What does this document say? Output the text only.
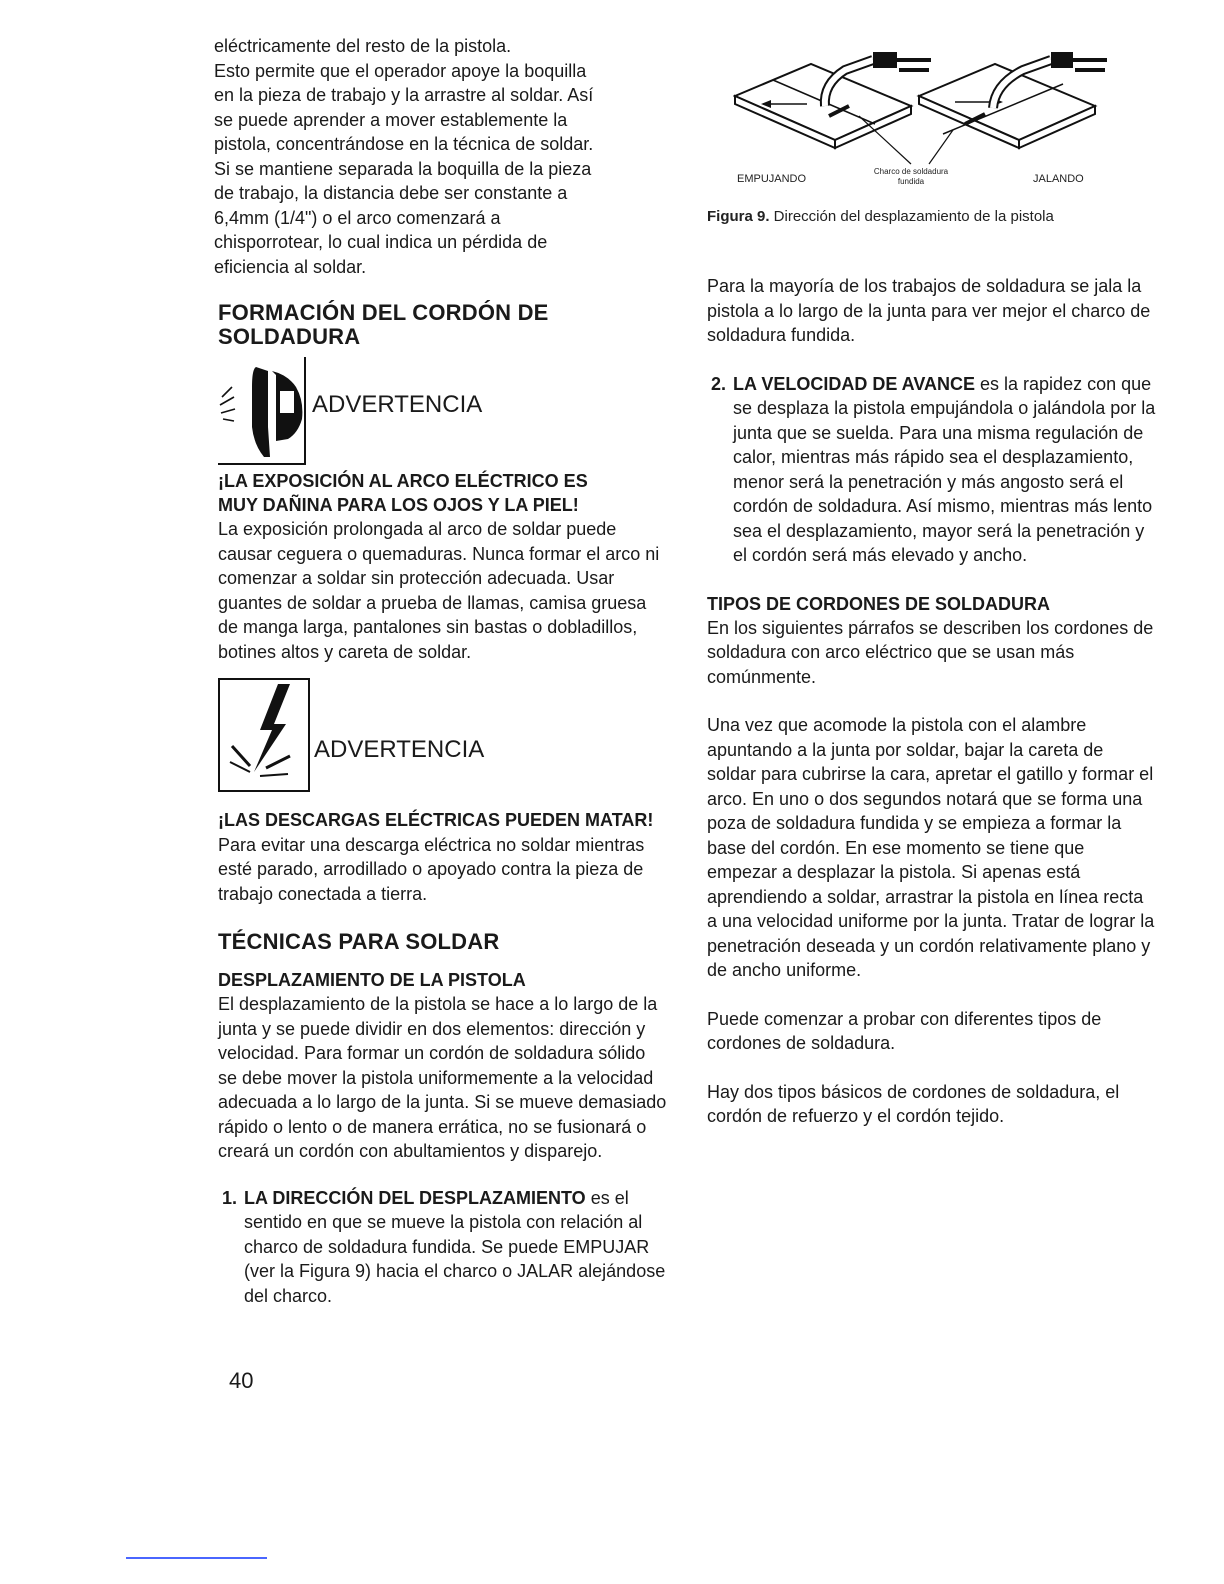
eléctricamente del resto de la pistola.

Esto permite que el operador apoye la boquilla

en la pieza de trabajo y la arrastre al soldar. Así

se puede aprender a mover establemente la

pistola, concentrándose en la técnica de soldar.

Si se mantiene separada la boquilla de la pieza

de trabajo, la distancia debe ser constante a

6,4mm (1/4") o el arco comenzará a

chisporrotear, lo cual indica un pérdida de

eficiencia al soldar.

FORMACIÓN DEL CORDÓN DE
SOLDADURA
ADVERTENCIA
¡LA EXPOSICIÓN AL ARCO ELÉCTRICO ES
MUY DAÑINA PARA LOS OJOS Y LA PIEL!

La exposición prolongada al arco de soldar puede causar ceguera o quemaduras. Nunca formar el arco ni comenzar a soldar sin protección adecuada. Usar guantes de soldar a prueba de llamas, camisa gruesa de manga larga, pantalones sin bastas o dobladillos, botines altos y careta de soldar.

ADVERTENCIA

¡LAS DESCARGAS ELÉCTRICAS PUEDEN MATAR! Para evitar una descarga eléctrica no soldar mientras esté parado, arrodillado o apoyado contra la pieza de trabajo conectada a tierra.

TÉCNICAS PARA SOLDAR
DESPLAZAMIENTO DE LA PISTOLA

El desplazamiento de la pistola se hace a lo largo de la junta y se puede dividir en dos elementos: dirección y velocidad. Para formar un cordón de soldadura sólido se debe mover la pistola uniformemente a la velocidad adecuada a lo largo de la junta. Si se mueve demasiado rápido o lento o de manera errática, no se fusionará o creará un cordón con abultamientos y disparejo.

1. LA DIRECCIÓN DEL DESPLAZAMIENTO es el sentido en que se mueve la pistola con relación al charco de soldadura fundida. Se puede EMPUJAR (ver la Figura 9) hacia el charco o JALAR alejándose del charco.

EMPUJANDO
Charco de soldadura
fundida	JALANDO
Figura 9. Dirección del desplazamiento de la pistola

Para la mayoría de los trabajos de soldadura se jala la pistola a lo largo de la junta para ver mejor el charco de soldadura fundida.

2. LA VELOCIDAD DE AVANCE es la rapidez con que se desplaza la pistola empujándola o jalándola por la junta que se suelda. Para una misma regulación de calor, mientras más rápido sea el desplazamiento, menor será la penetración y más angosto será el cordón de soldadura. Así mismo, mientras más lento sea el desplazamiento, mayor será la penetración y el cordón será más elevado y ancho.

TIPOS DE CORDONES DE SOLDADURA

En los siguientes párrafos se describen los cordones de soldadura con arco eléctrico que se usan más comúnmente.

Una vez que acomode la pistola con el alambre apuntando a la junta por soldar, bajar la careta de soldar para cubrirse la cara, apretar el gatillo y formar el arco. En uno o dos segundos notará que se forma una poza de soldadura fundida y se empieza a formar la base del cordón. En ese momento se tiene que empezar a desplazar la pistola. Si apenas está aprendiendo a soldar, arrastrar la pistola en línea recta a una velocidad uniforme por la junta. Tratar de lograr la penetración deseada y un cordón relativamente plano y de ancho uniforme.

Puede comenzar a probar con diferentes tipos de cordones de soldadura.

Hay dos tipos básicos de cordones de soldadura, el cordón de refuerzo y el cordón tejido.

40
